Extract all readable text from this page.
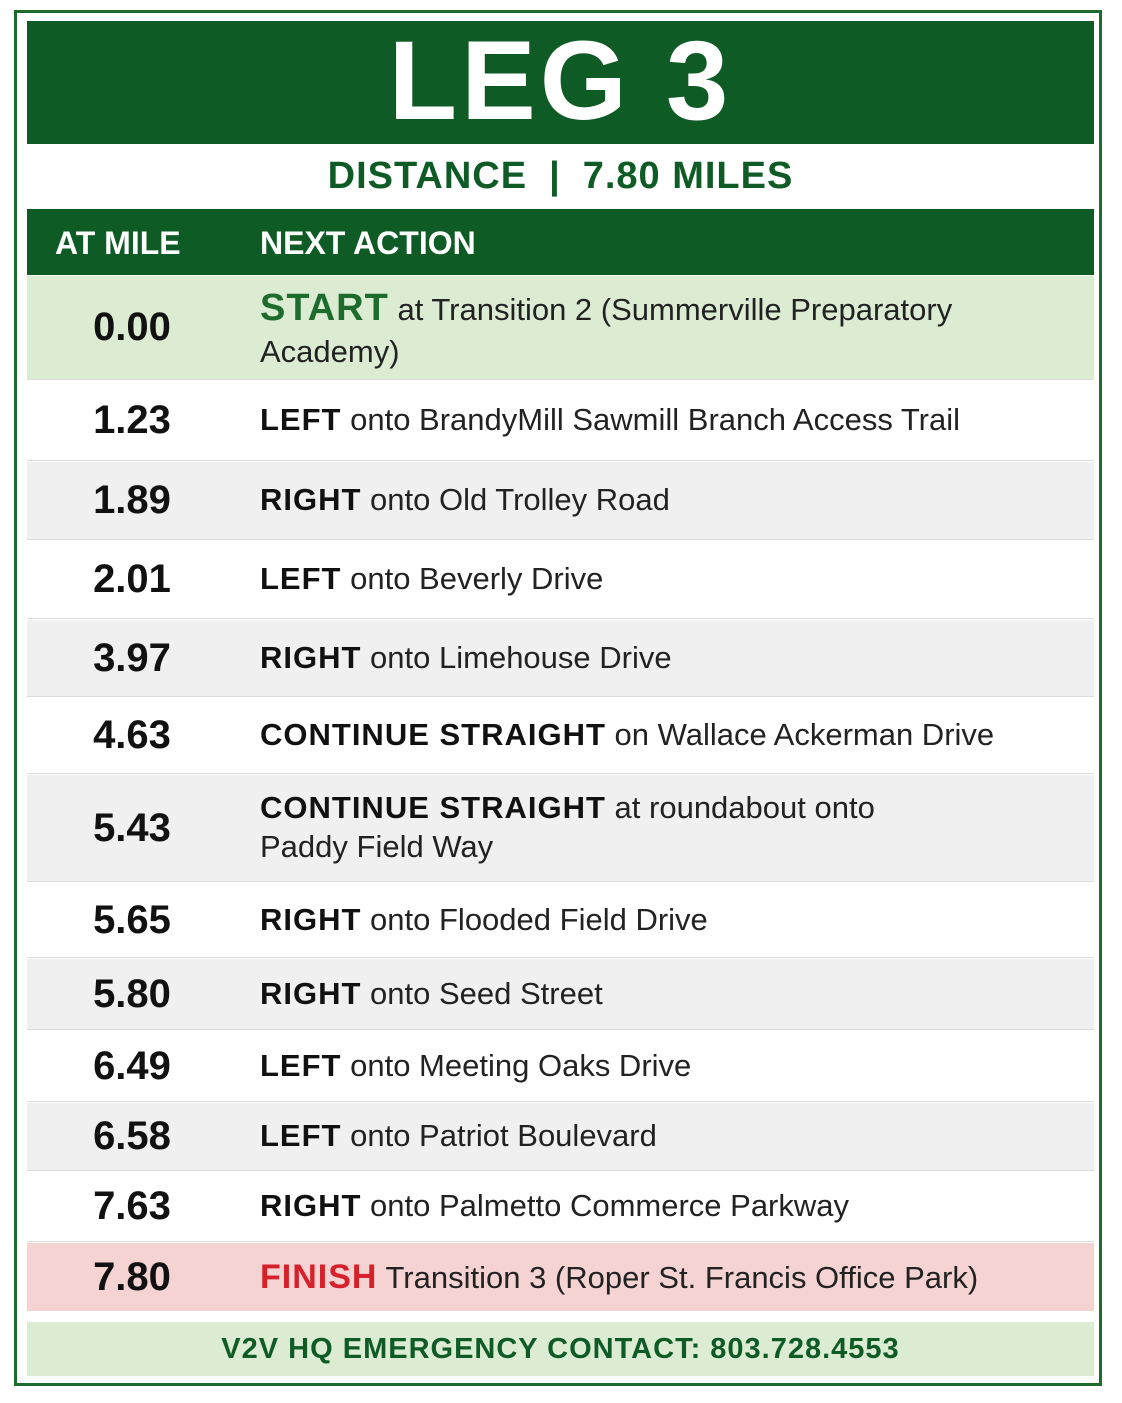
LEG 3
DISTANCE | 7.80 MILES
AT MILE NEXT ACTION
0.00	START at Transition 2 (Summerville Preparatory Academy)
1.23	LEFT onto BrandyMill Sawmill Branch Access Trail
1.89	RIGHT onto Old Trolley Road
2.01	LEFT onto Beverly Drive
3.97	RIGHT onto Limehouse Drive
4.63	CONTINUE STRAIGHT on Wallace Ackerman Drive
5.43	CONTINUE STRAIGHT at roundabout onto Paddy Field Way
5.65	RIGHT onto Flooded Field Drive
5.80	RIGHT onto Seed Street
6.49	LEFT onto Meeting Oaks Drive
6.58	LEFT onto Patriot Boulevard
7.63	RIGHT onto Palmetto Commerce Parkway
7.80	FINISH Transition 3 (Roper St. Francis Office Park)
V2V HQ EMERGENCY CONTACT: 803.728.4553
